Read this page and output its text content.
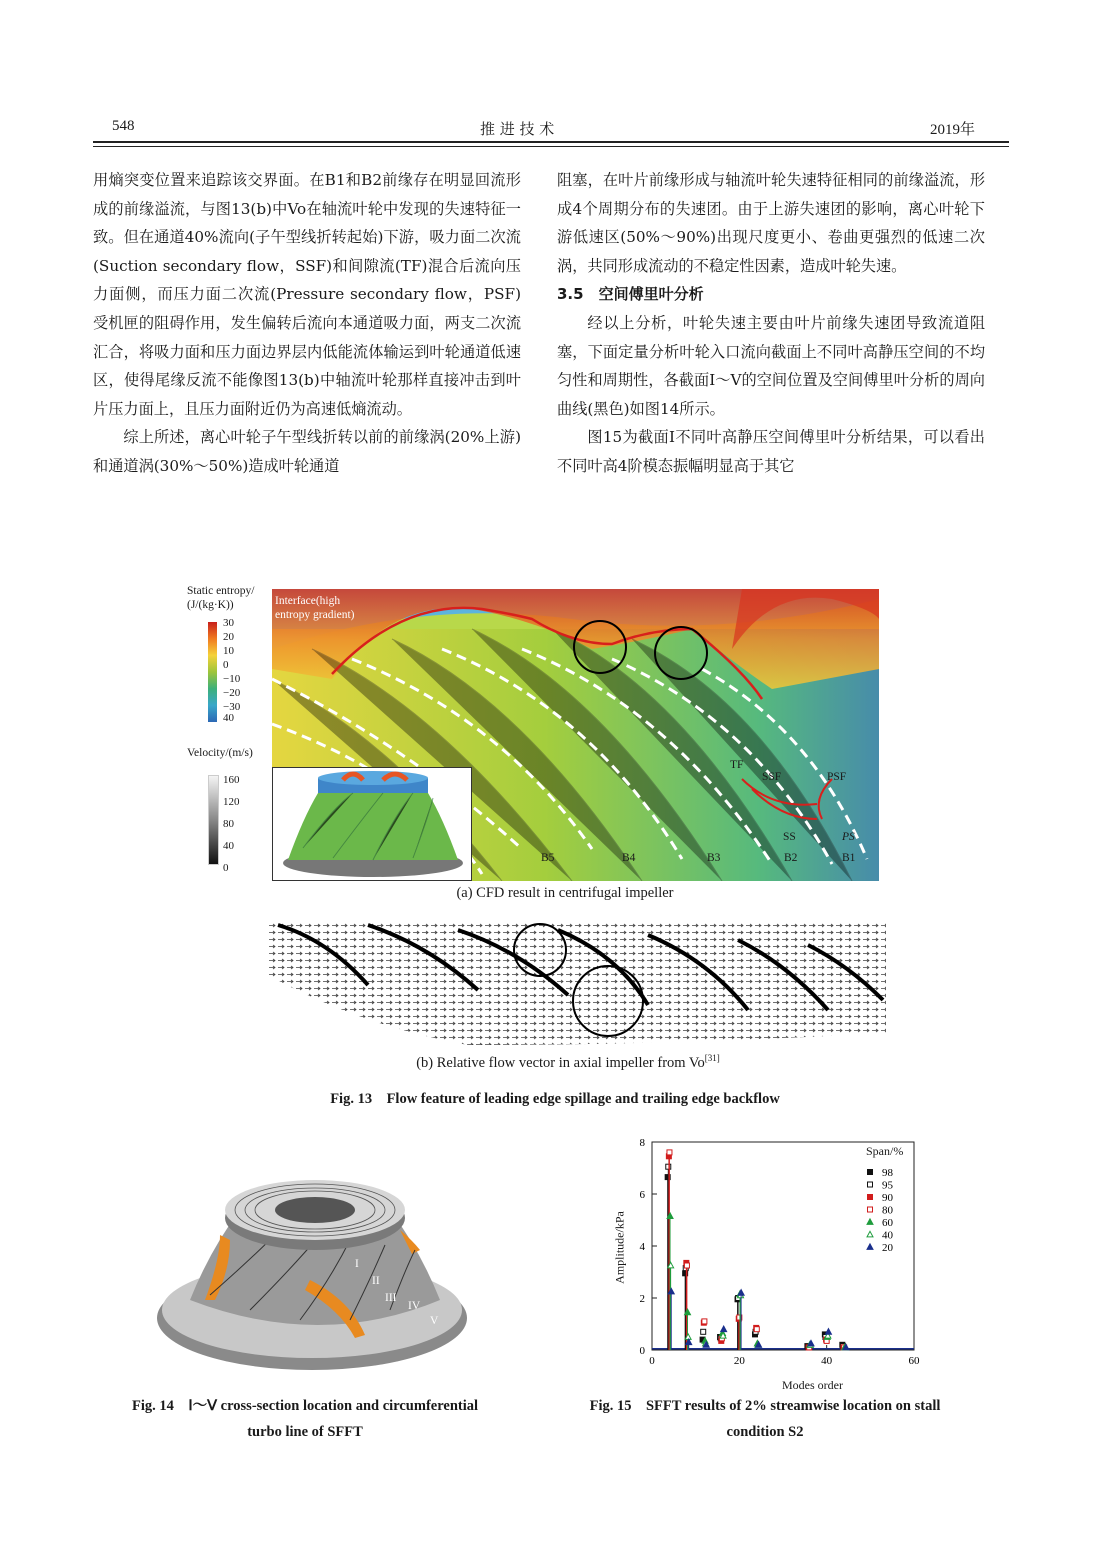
548	推 进 技 术	2019年

用熵突变位置来追踪该交界面。在B1和B2前缘存在明显回流形成的前缘溢流，与图13(b)中Vo在轴流叶轮中发现的失速特征一致。但在通道40%流向(子午型线折转起始)下游，吸力面二次流(Suction secondary flow，SSF)和间隙流(TF)混合后流向压力面侧，而压力面二次流(Pressure secondary flow，PSF)受机匣的阻碍作用，发生偏转后流向本通道吸力面，两支二次流汇合，将吸力面和压力面边界层内低能流体输运到叶轮通道低速区，使得尾缘反流不能像图13(b)中轴流叶轮那样直接冲击到叶片压力面上，且压力面附近仍为高速低熵流动。

综上所述，离心叶轮子午型线折转以前的前缘涡(20%上游)和通道涡(30%～50%)造成叶轮通道

阻塞，在叶片前缘形成与轴流叶轮失速特征相同的前缘溢流，形成4个周期分布的失速团。由于上游失速团的影响，离心叶轮下游低速区(50%～90%)出现尺度更小、卷曲更强烈的低速二次涡，共同形成流动的不稳定性因素，造成叶轮失速。

3.5　空间傅里叶分析

经以上分析，叶轮失速主要由叶片前缘失速团导致流道阻塞，下面定量分析叶轮入口流向截面上不同叶高静压空间的不均匀性和周期性，各截面Ⅰ～Ⅴ的空间位置及空间傅里叶分析的周向曲线(黑色)如图14所示。

图15为截面Ⅰ不同叶高静压空间傅里叶分析结果，可以看出不同叶高4阶模态振幅明显高于其它

Static entropy/
(J/(kg·K))
30
20
10
0
−10
−20
−30
40
Velocity/(m/s)
160
120
80
40
0
Interface(high
entropy gradient)
TF
SSF	PSF
SS	PS
B5	B4	B3	B2	B1
(a) CFD result in centrifugal impeller
(b) Relative flow vector in axial impeller from Vo[31]
Fig. 13　Flow feature of leading edge spillage and trailing edge backflow
I
II
III
IV
V
Fig. 14　Ⅰ～Ⅴ cross-section location and circumferential
turbo line of SFFT
0
2
4
6
8
0	20	40	60
98
95
90
80
60
40
20
Amplitude/kPa
Modes order
Span/%
Fig. 15　SFFT results of 2% streamwise location on stall
condition S2
